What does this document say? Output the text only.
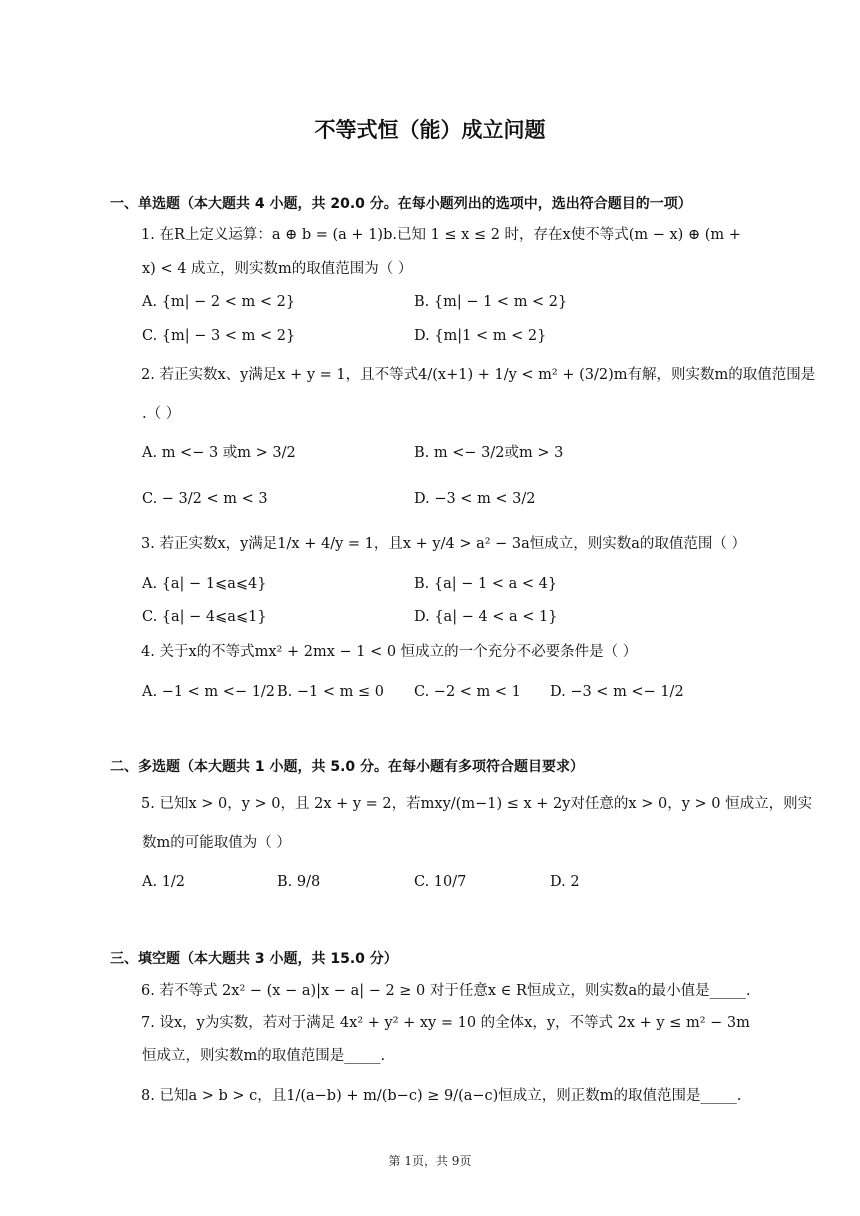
不等式恒（能）成立问题
一、单选题（本大题共 4 小题，共 20.0 分。在每小题列出的选项中，选出符合题目的一项）
1. 在R上定义运算：a ⊕ b = (a + 1)b.已知 1 ≤ x ≤ 2 时，存在x使不等式(m − x) ⊕ (m +
x) < 4 成立，则实数m的取值范围为（ ）
A. {m| − 2 < m < 2}	B. {m| − 1 < m < 2}
C. {m| − 3 < m < 2}	D. {m|1 < m < 2}
2. 若正实数x、y满足x + y = 1，且不等式4/(x+1) + 1/y < m² + (3/2)m有解，则实数m的取值范围是
.（ ）
A. m <− 3 或m > 3/2	B. m <− 3/2或m > 3
C. − 3/2 < m < 3	D. −3 < m < 3/2
3. 若正实数x，y满足1/x + 4/y = 1，且x + y/4 > a² − 3a恒成立，则实数a的取值范围（ ）
A. {a| − 1⩽a⩽4}	B. {a| − 1 < a < 4}
C. {a| − 4⩽a⩽1}	D. {a| − 4 < a < 1}
4. 关于x的不等式mx² + 2mx − 1 < 0 恒成立的一个充分不必要条件是（ ）
A. −1 < m <− 1/2 B. −1 < m ≤ 0 C. −2 < m < 1 D. −3 < m <− 1/2
二、多选题（本大题共 1 小题，共 5.0 分。在每小题有多项符合题目要求）
5. 已知x > 0，y > 0，且 2x + y = 2，若mxy/(m−1) ≤ x + 2y对任意的x > 0，y > 0 恒成立，则实
数m的可能取值为（ ）
A. 1/2	B. 9/8	C. 10/7	D. 2
三、填空题（本大题共 3 小题，共 15.0 分）
6. 若不等式 2x² − (x − a)|x − a| − 2 ≥ 0 对于任意x ∈ R恒成立，则实数a的最小值是_____.
7. 设x，y为实数，若对于满足 4x² + y² + xy = 10 的全体x，y，不等式 2x + y ≤ m² − 3m
恒成立，则实数m的取值范围是_____.
8. 已知a > b > c，且1/(a−b) + m/(b−c) ≥ 9/(a−c)恒成立，则正数m的取值范围是_____.
第 1页，共 9页
